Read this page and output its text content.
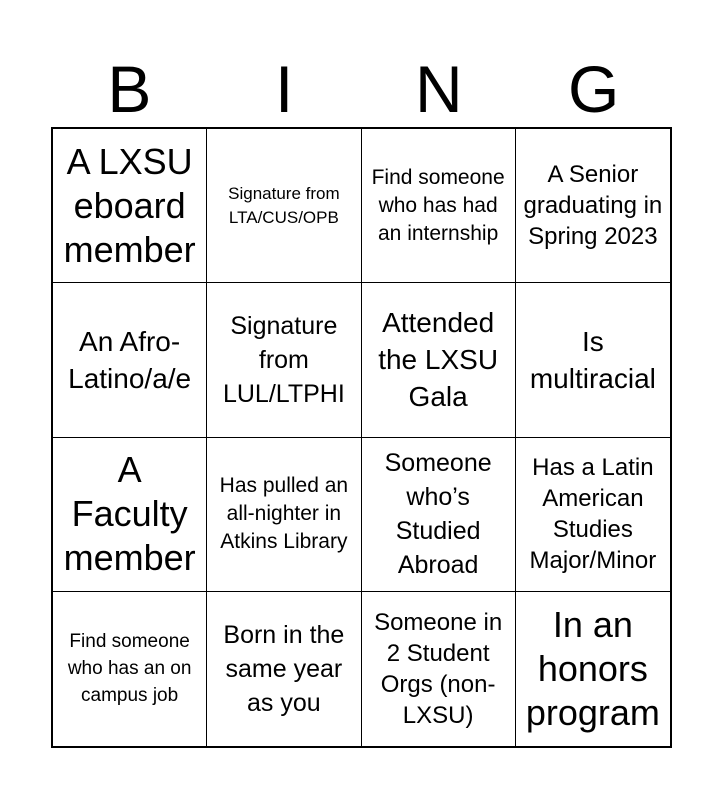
B	I	N	G
A LXSU eboard member
Signature from LTA/CUS/OPB
Find someone who has had an internship
A Senior graduating in Spring 2023
An Afro-Latino/a/e
Signature from LUL/LTPHI
Attended the LXSU Gala
Is multiracial
A Faculty member
Has pulled an all-nighter in Atkins Library
Someone who’s Studied Abroad
Has a Latin American Studies Major/Minor
Find someone who has an on campus job
Born in the same year as you
Someone in 2 Student Orgs (non-LXSU)
In an honors program
